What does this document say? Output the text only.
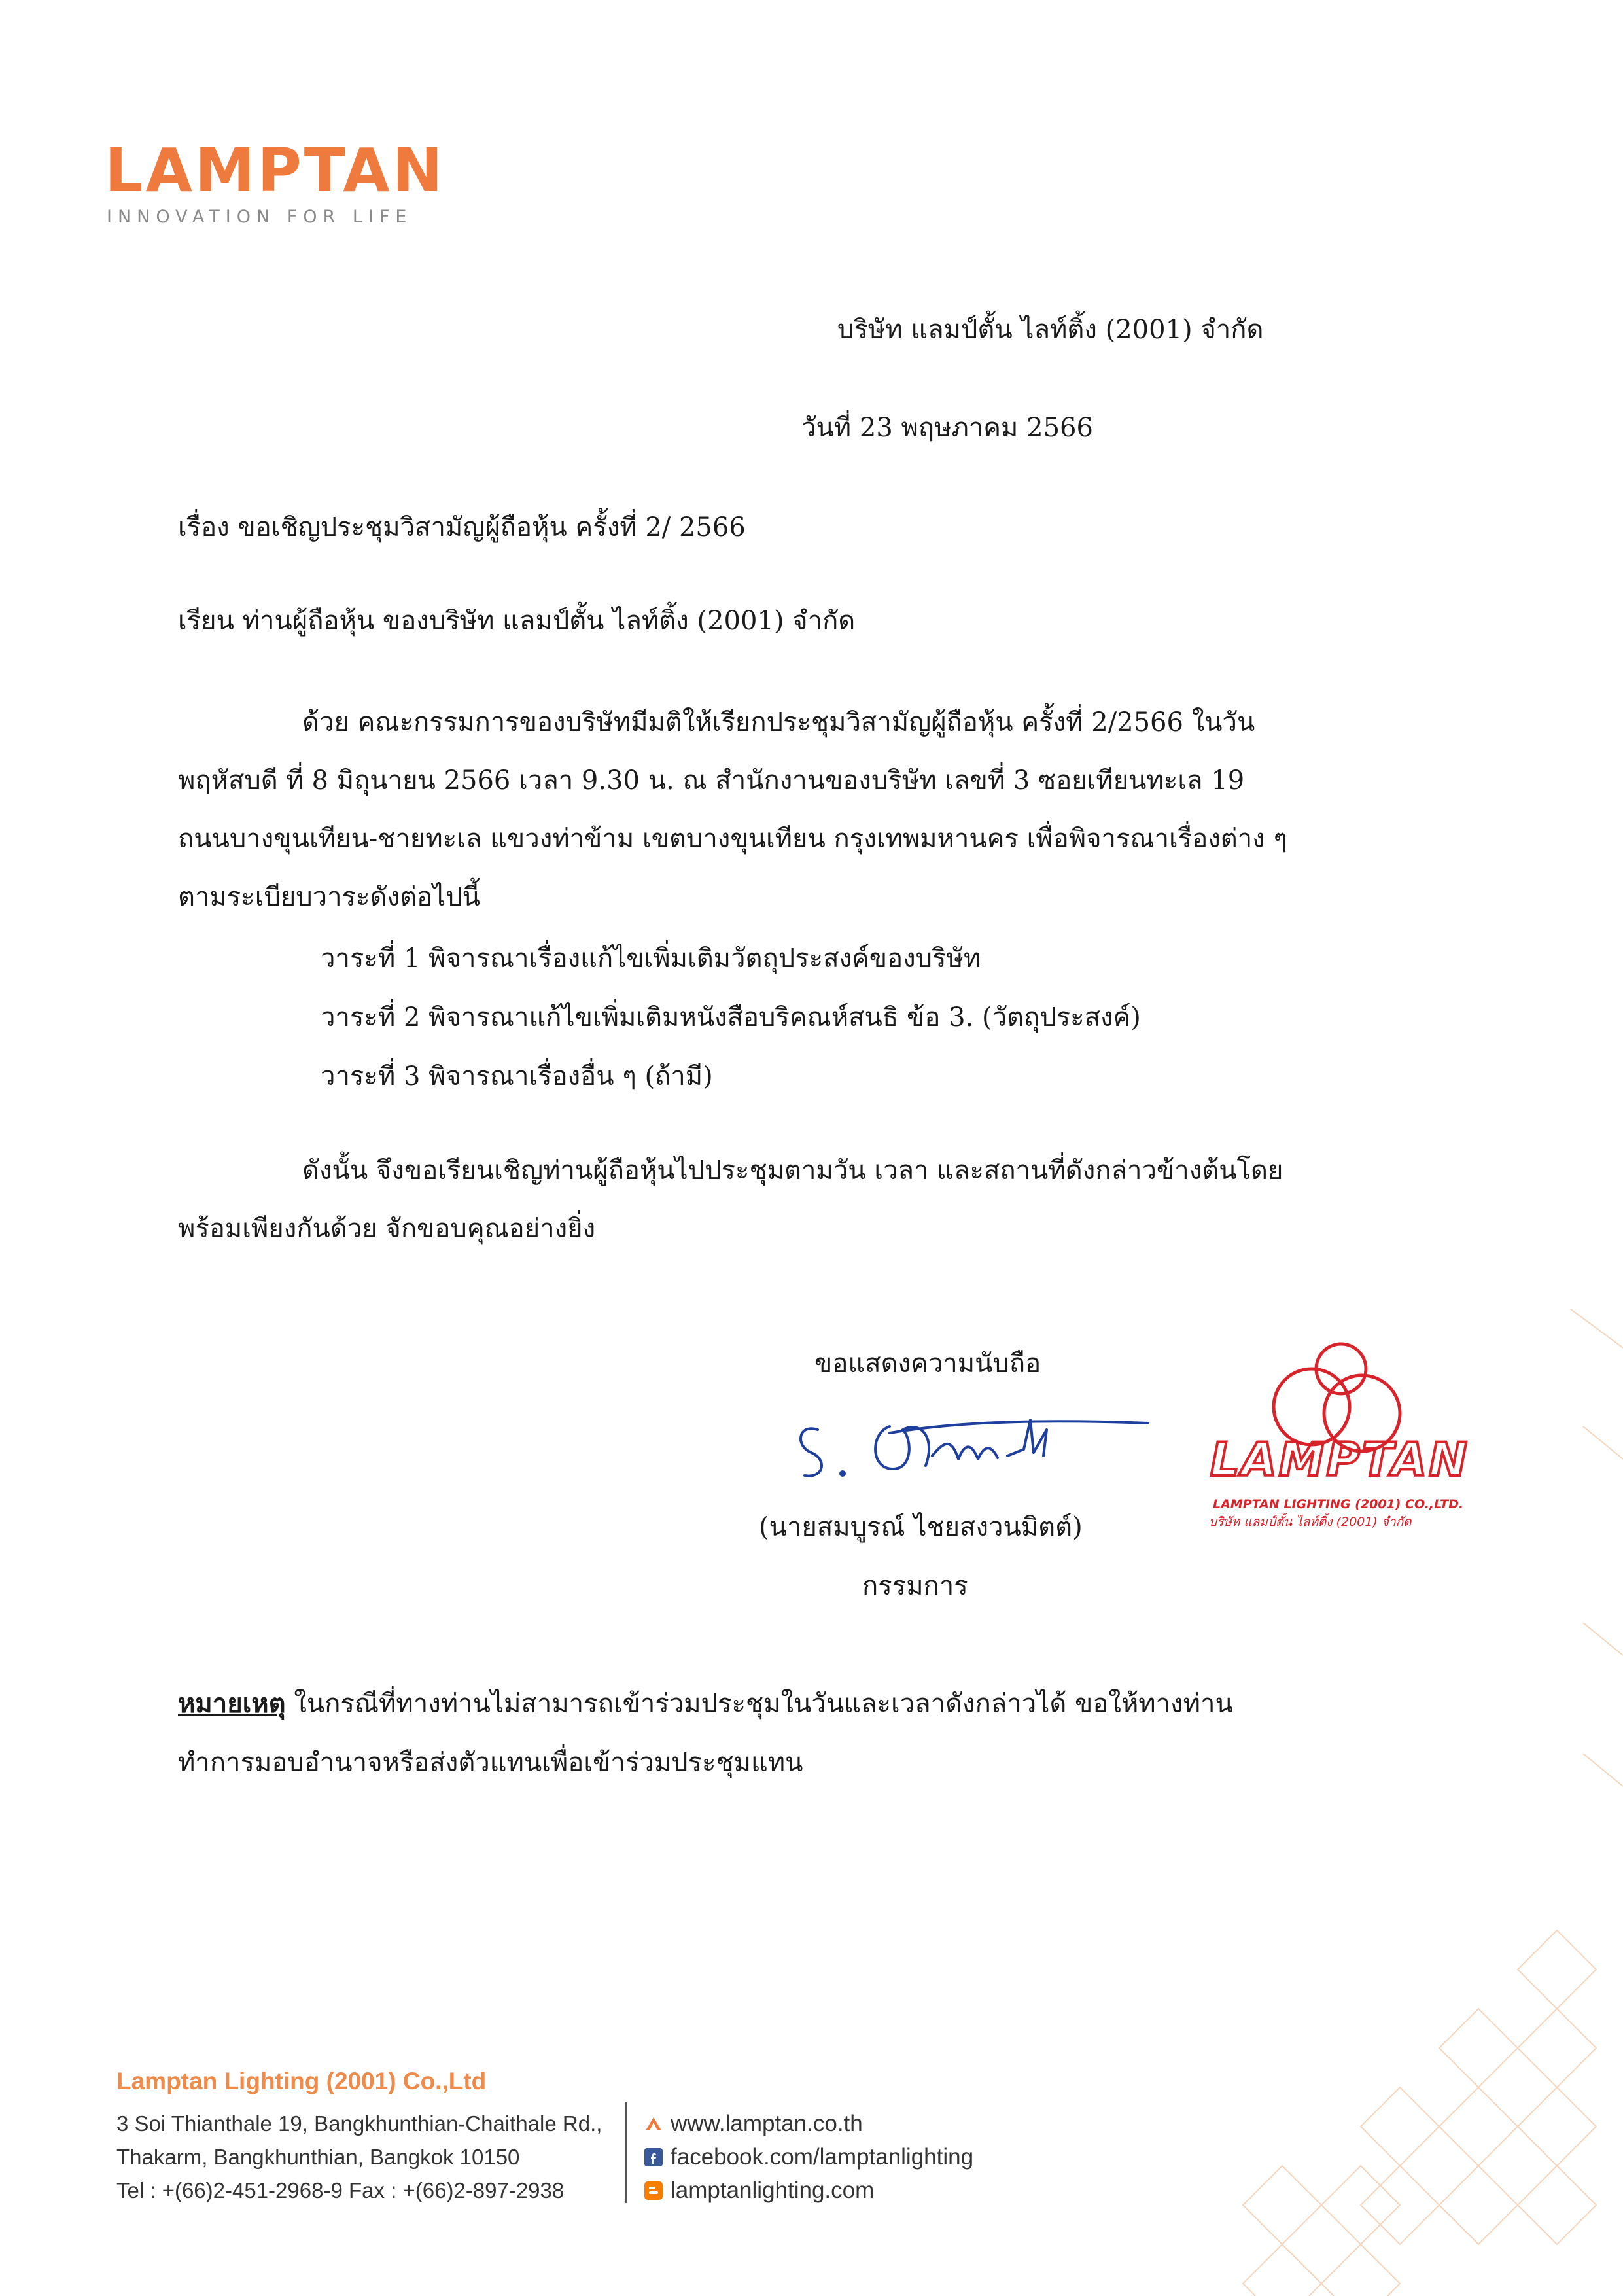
LAMPTAN
INNOVATION FOR LIFE
บริษัท แลมป์ตั้น ไลท์ติ้ง (2001) จำกัด
วันที่ 23 พฤษภาคม 2566
เรื่อง ขอเชิญประชุมวิสามัญผู้ถือหุ้น ครั้งที่ 2/ 2566
เรียน ท่านผู้ถือหุ้น ของบริษัท แลมป์ตั้น ไลท์ติ้ง (2001) จำกัด
ด้วย คณะกรรมการของบริษัทมีมติให้เรียกประชุมวิสามัญผู้ถือหุ้น ครั้งที่ 2/2566 ในวัน
พฤหัสบดี ที่ 8 มิถุนายน 2566 เวลา 9.30 น. ณ สำนักงานของบริษัท เลขที่ 3 ซอยเทียนทะเล 19
ถนนบางขุนเทียน-ชายทะเล แขวงท่าข้าม เขตบางขุนเทียน กรุงเทพมหานคร เพื่อพิจารณาเรื่องต่าง ๆ
ตามระเบียบวาระดังต่อไปนี้
วาระที่ 1 พิจารณาเรื่องแก้ไขเพิ่มเติมวัตถุประสงค์ของบริษัท
วาระที่ 2 พิจารณาแก้ไขเพิ่มเติมหนังสือบริคณห์สนธิ ข้อ 3. (วัตถุประสงค์)
วาระที่ 3 พิจารณาเรื่องอื่น ๆ (ถ้ามี)
ดังนั้น จึงขอเรียนเชิญท่านผู้ถือหุ้นไปประชุมตามวัน เวลา และสถานที่ดังกล่าวข้างต้นโดย
พร้อมเพียงกันด้วย จักขอบคุณอย่างยิ่ง
ขอแสดงความนับถือ
(นายสมบูรณ์ ไชยสงวนมิตต์)
กรรมการ
LAMPTAN
LAMPTAN LIGHTING (2001) CO.,LTD.
บริษัท แลมป์ตั้น ไลท์ติ้ง (2001) จำกัด
หมายเหตุ ในกรณีที่ทางท่านไม่สามารถเข้าร่วมประชุมในวันและเวลาดังกล่าวได้ ขอให้ทางท่าน
ทำการมอบอำนาจหรือส่งตัวแทนเพื่อเข้าร่วมประชุมแทน
Lamptan Lighting (2001) Co.,Ltd
3 Soi Thianthale 19, Bangkhunthian-Chaithale Rd.,
Thakarm, Bangkhunthian, Bangkok 10150
Tel : +(66)2-451-2968-9 Fax : +(66)2-897-2938
www.lamptan.co.th
facebook.com/lamptanlighting
lamptanlighting.com
